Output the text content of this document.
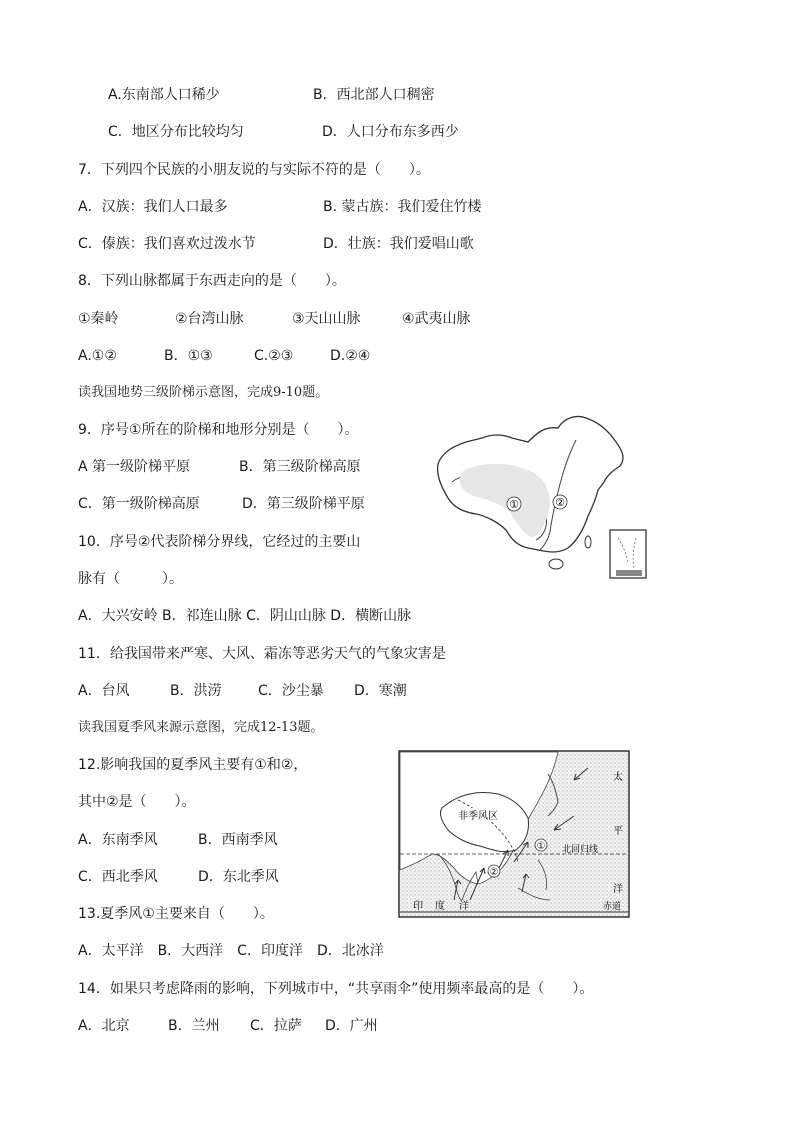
A.东南部人口稀少	B．西北部人口稠密
C．地区分布比较均匀	D．人口分布东多西少
7．下列四个民族的小朋友说的与实际不符的是（　　）。
A．汉族：我们人口最多	B. 蒙古族：我们爱住竹楼
C．傣族：我们喜欢过泼水节	D．壮族：我们爱唱山歌
8．下列山脉都属于东西走向的是（　　）。
①秦岭	②台湾山脉	③天山山脉	④武夷山脉
A.①②	B．①③	C.②③	D.②④
读我国地势三级阶梯示意图，完成9-10题。
9．序号①所在的阶梯和地形分别是（　　）。
A 第一级阶梯平原	B．第三级阶梯高原
C．第一级阶梯高原	D．第三级阶梯平原
10．序号②代表阶梯分界线，它经过的主要山
脉有（　　　）。
A．大兴安岭 B．祁连山脉 C．阴山山脉 D．横断山脉
11．给我国带来严寒、大风、霜冻等恶劣天气的气象灾害是
A．台风	B．洪涝	C．沙尘暴 D．寒潮
读我国夏季风来源示意图，完成12-13题。
12.影响我国的夏季风主要有①和②，
其中②是（　　）。
A．东南季风	B．西南季风
C．西北季风	D．东北季风
13.夏季风①主要来自（　　）。
A．太平洋　B．大西洋　C．印度洋　D．北冰洋
14．如果只考虑降雨的影响，下列城市中，“共享雨伞”使用频率最高的是（　　）。
A．北京	B．兰州 C．拉萨 D．广州
①	②
非季风区
北回归线
赤道
印 度 洋
太
平
洋
①
②
